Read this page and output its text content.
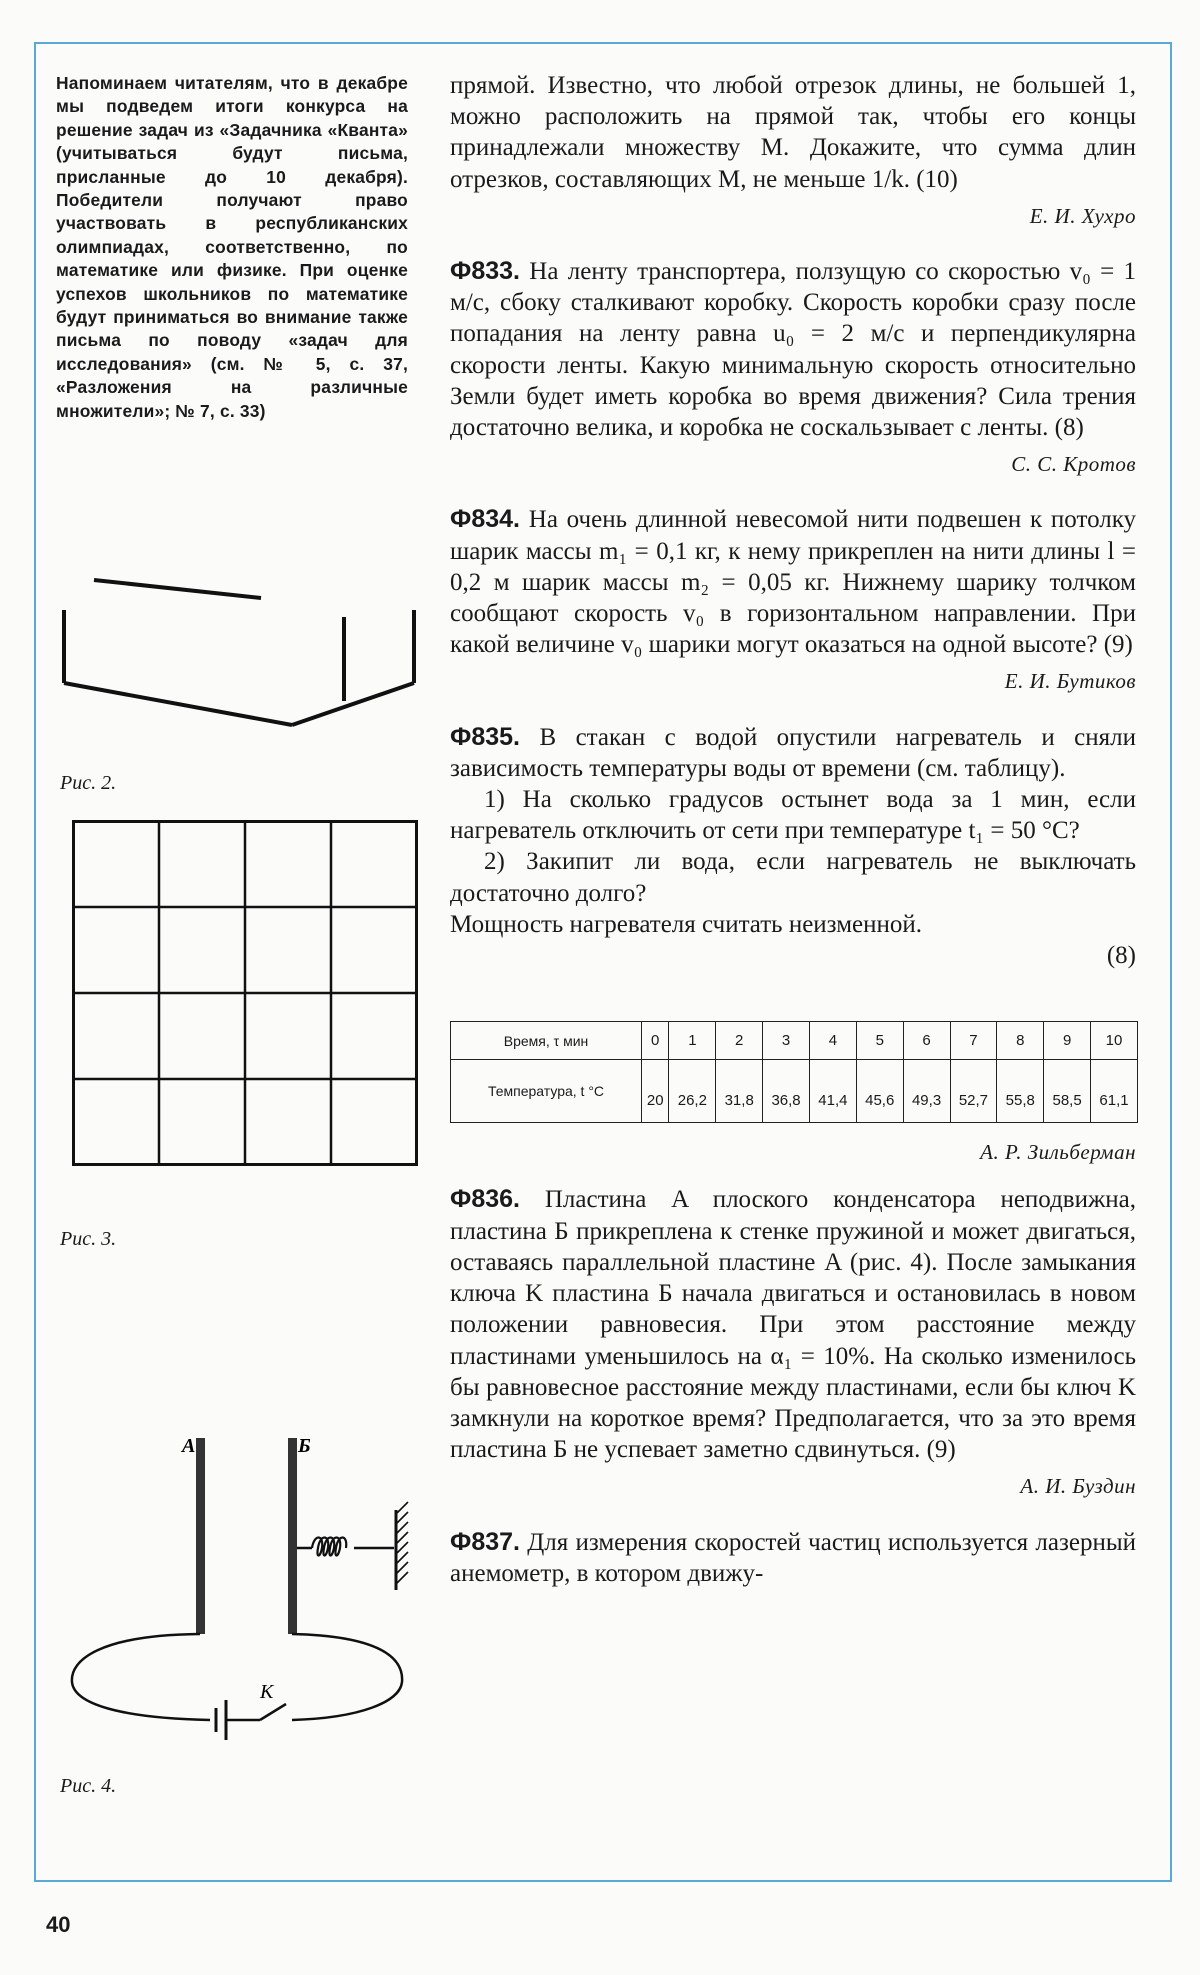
Напоминаем читателям, что в декабре мы подведем итоги конкурса на решение задач из «Задачника «Кванта» (учитываться будут письма, присланные до 10 декабря). Победители получают право участвовать в республиканских олимпиадах, соответственно, по математике или физике. При оценке успехов школьников по математике будут приниматься во внимание также письма по поводу «задач для исследования» (см. № 5, с. 37, «Разложения на различные множители»; № 7, с. 33)
Рис. 2.
Рис. 3.
A	Б
K
Рис. 4.

прямой. Известно, что любой отрезок длины, не большей 1, можно расположить на прямой так, чтобы его концы принадлежали множеству M. Докажите, что сумма длин отрезков, составляющих M, не меньше 1/k. (10)

Е. И. Хухро

Ф833. На ленту транспортера, ползущую со скоростью v₀ = 1 м/с, сбоку сталкивают коробку. Скорость коробки сразу после попадания на ленту равна u₀ = 2 м/с и перпендикулярна скорости ленты. Какую минимальную скорость относительно Земли будет иметь коробка во время движения? Сила трения достаточно велика, и коробка не соскальзывает с ленты. (8)

С. С. Кротов

Ф834. На очень длинной невесомой нити подвешен к потолку шарик массы m₁ = 0,1 кг, к нему прикреплен на нити длины l = 0,2 м шарик массы m₂ = 0,05 кг. Нижнему шарику толчком сообщают скорость v₀ в горизонтальном направлении. При какой величине v₀ шарики могут оказаться на одной высоте? (9)

Е. И. Бутиков

Ф835. В стакан с водой опустили нагреватель и сняли зависимость температуры воды от времени (см. таблицу).

1) На сколько градусов остынет вода за 1 мин, если нагреватель отключить от сети при температуре t₁ = 50 °C?

2) Закипит ли вода, если нагреватель не выключать достаточно долго?

Мощность нагревателя считать неизменной.

(8)

Время, τ мин	0	1	2	3	4	5	6	7	8	9	10
Температура, t °C	20	26,2	31,8	36,8	41,4	45,6	49,3	52,7	55,8	58,5	61,1

А. Р. Зильберман

Ф836. Пластина A плоского конденсатора неподвижна, пластина Б прикреплена к стенке пружиной и может двигаться, оставаясь параллельной пластине A (рис. 4). После замыкания ключа K пластина Б начала двигаться и остановилась в новом положении равновесия. При этом расстояние между пластинами уменьшилось на α₁ = 10%. На сколько изменилось бы равновесное расстояние между пластинами, если бы ключ K замкнули на короткое время? Предполагается, что за это время пластина Б не успевает заметно сдвинуться. (9)

А. И. Буздин

Ф837. Для измерения скоростей частиц используется лазерный анемометр, в котором движу-

40
